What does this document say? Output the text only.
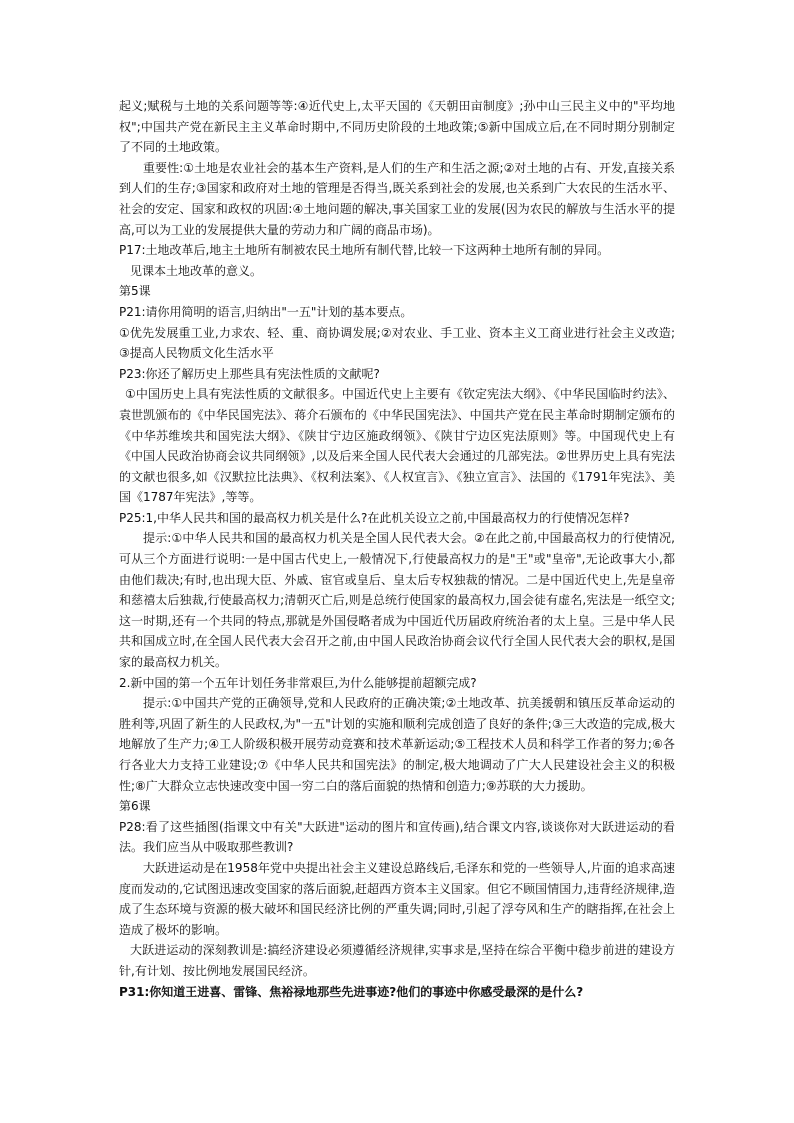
起义;赋税与土地的关系问题等等:④近代史上,太平天国的《天朝田亩制度》;孙中山三民主义中的"平均地权";中国共产党在新民主主义革命时期中,不同历史阶段的土地政策;⑤新中国成立后,在不同时期分别制定了不同的土地政策。

重要性:①土地是农业社会的基本生产资料,是人们的生产和生活之源;②对土地的占有、开发,直接关系到人们的生存;③国家和政府对土地的管理是否得当,既关系到社会的发展,也关系到广大农民的生活水平、社会的安定、国家和政权的巩固:④土地问题的解决,事关国家工业的发展(因为农民的解放与生活水平的提高,可以为工业的发展提供大量的劳动力和广阔的商品市场)。

P17:土地改革后,地主土地所有制被农民土地所有制代替,比较一下这两种土地所有制的异同。

见课本土地改革的意义。

第5课

P21:请你用简明的语言,归纳出"一五"计划的基本要点。

①优先发展重工业,力求农、轻、重、商协调发展;②对农业、手工业、资本主义工商业进行社会主义改造;③提高人民物质文化生活水平

P23:你还了解历史上那些具有宪法性质的文献呢?

①中国历史上具有宪法性质的文献很多。中国近代史上主要有《钦定宪法大纲》、《中华民国临时约法》、袁世凯颁布的《中华民国宪法》、蒋介石颁布的《中华民国宪法》、中国共产党在民主革命时期制定颁布的《中华苏维埃共和国宪法大纲》、《陕甘宁边区施政纲领》、《陕甘宁边区宪法原则》等。中国现代史上有《中国人民政治协商会议共同纲领》,以及后来全国人民代表大会通过的几部宪法。②世界历史上具有宪法的文献也很多,如《汉默拉比法典》、《权利法案》、《人权宣言》、《独立宣言》、法国的《1791年宪法》、美国《1787年宪法》,等等。

P25:1,中华人民共和国的最高权力机关是什么?在此机关设立之前,中国最高权力的行使情况怎样?

提示:①中华人民共和国的最高权力机关是全国人民代表大会。②在此之前,中国最高权力的行使情况,可从三个方面进行说明:一是中国古代史上,一般情况下,行使最高权力的是"王"或"皇帝",无论政事大小,都由他们裁决;有时,也出现大臣、外戚、宦官或皇后、皇太后专权独裁的情况。二是中国近代史上,先是皇帝和慈禧太后独裁,行使最高权力;清朝灭亡后,则是总统行使国家的最高权力,国会徒有虚名,宪法是一纸空文;这一时期,还有一个共同的特点,那就是外国侵略者成为中国近代历届政府统治者的太上皇。三是中华人民共和国成立时,在全国人民代表大会召开之前,由中国人民政治协商会议代行全国人民代表大会的职权,是国家的最高权力机关。

2.新中国的第一个五年计划任务非常艰巨,为什么能够提前超额完成?

提示:①中国共产党的正确领导,党和人民政府的正确决策;②土地改革、抗美援朝和镇压反革命运动的胜利等,巩固了新生的人民政权,为"一五"计划的实施和顺利完成创造了良好的条件;③三大改造的完成,极大地解放了生产力;④工人阶级积极开展劳动竞赛和技术革新运动;⑤工程技术人员和科学工作者的努力;⑥各行各业大力支持工业建设;⑦《中华人民共和国宪法》的制定,极大地调动了广大人民建设社会主义的积极性;⑧广大群众立志快速改变中国一穷二白的落后面貌的热情和创造力;⑨苏联的大力援助。

第6课

P28:看了这些插图(指课文中有关"大跃进"运动的图片和宣传画),结合课文内容,谈谈你对大跃进运动的看法。我们应当从中吸取那些教训?

大跃进运动是在1958年党中央提出社会主义建设总路线后,毛泽东和党的一些领导人,片面的追求高速度而发动的,它试图迅速改变国家的落后面貌,赶超西方资本主义国家。但它不顾国情国力,违背经济规律,造成了生态环境与资源的极大破坏和国民经济比例的严重失调;同时,引起了浮夸风和生产的瞎指挥,在社会上造成了极坏的影响。

大跃进运动的深刻教训是:搞经济建设必须遵循经济规律,实事求是,坚持在综合平衡中稳步前进的建设方针,有计划、按比例地发展国民经济。

P31:你知道王进喜、雷锋、焦裕禄地那些先进事迹?他们的事迹中你感受最深的是什么?
